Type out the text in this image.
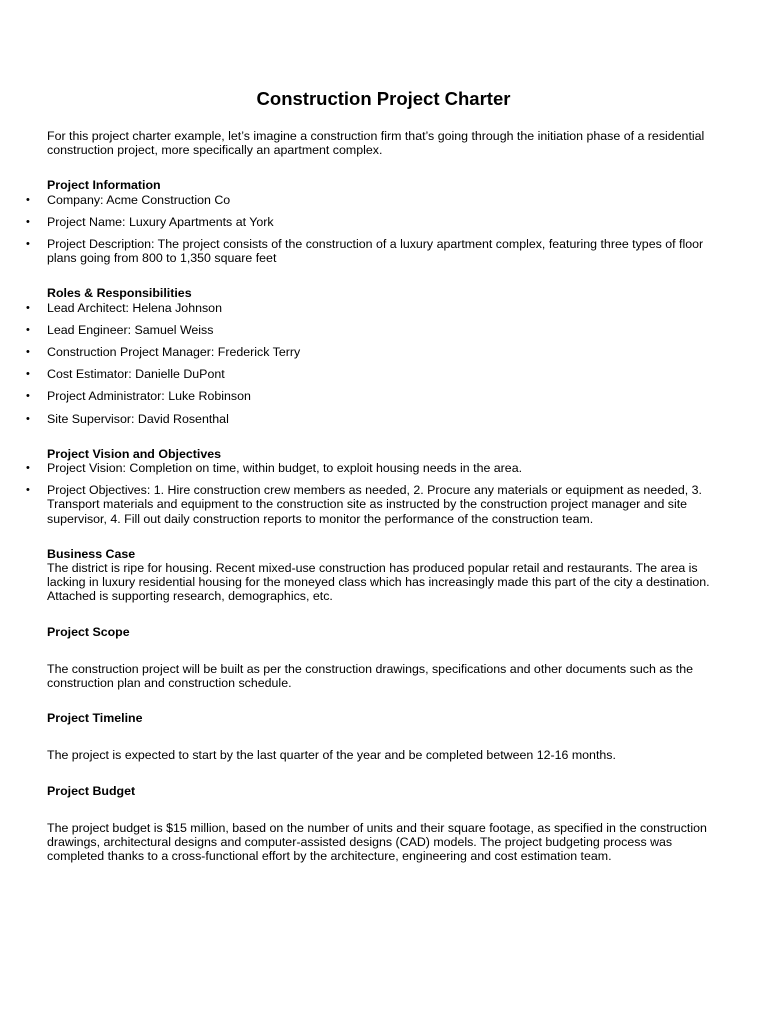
Construction Project Charter

For this project charter example, let’s imagine a construction firm that’s going through the initiation phase of a residential construction project, more specifically an apartment complex.

Project Information

• Company: Acme Construction Co
• Project Name: Luxury Apartments at York
• Project Description: The project consists of the construction of a luxury apartment complex, featuring three types of floor plans going from 800 to 1,350 square feet

Roles & Responsibilities

• Lead Architect: Helena Johnson
• Lead Engineer: Samuel Weiss
• Construction Project Manager: Frederick Terry
• Cost Estimator: Danielle DuPont
• Project Administrator: Luke Robinson
• Site Supervisor: David Rosenthal

Project Vision and Objectives

• Project Vision: Completion on time, within budget, to exploit housing needs in the area.
• Project Objectives: 1. Hire construction crew members as needed, 2. Procure any materials or equipment as needed, 3. Transport materials and equipment to the construction site as instructed by the construction project manager and site supervisor, 4. Fill out daily construction reports to monitor the performance of the construction team.

Business Case

The district is ripe for housing. Recent mixed-use construction has produced popular retail and restaurants. The area is lacking in luxury residential housing for the moneyed class which has increasingly made this part of the city a destination. Attached is supporting research, demographics, etc.

Project Scope

The construction project will be built as per the construction drawings, specifications and other documents such as the construction plan and construction schedule.

Project Timeline

The project is expected to start by the last quarter of the year and be completed between 12-16 months.

Project Budget

The project budget is $15 million, based on the number of units and their square footage, as specified in the construction drawings, architectural designs and computer-assisted designs (CAD) models. The project budgeting process was completed thanks to a cross-functional effort by the architecture, engineering and cost estimation team.
